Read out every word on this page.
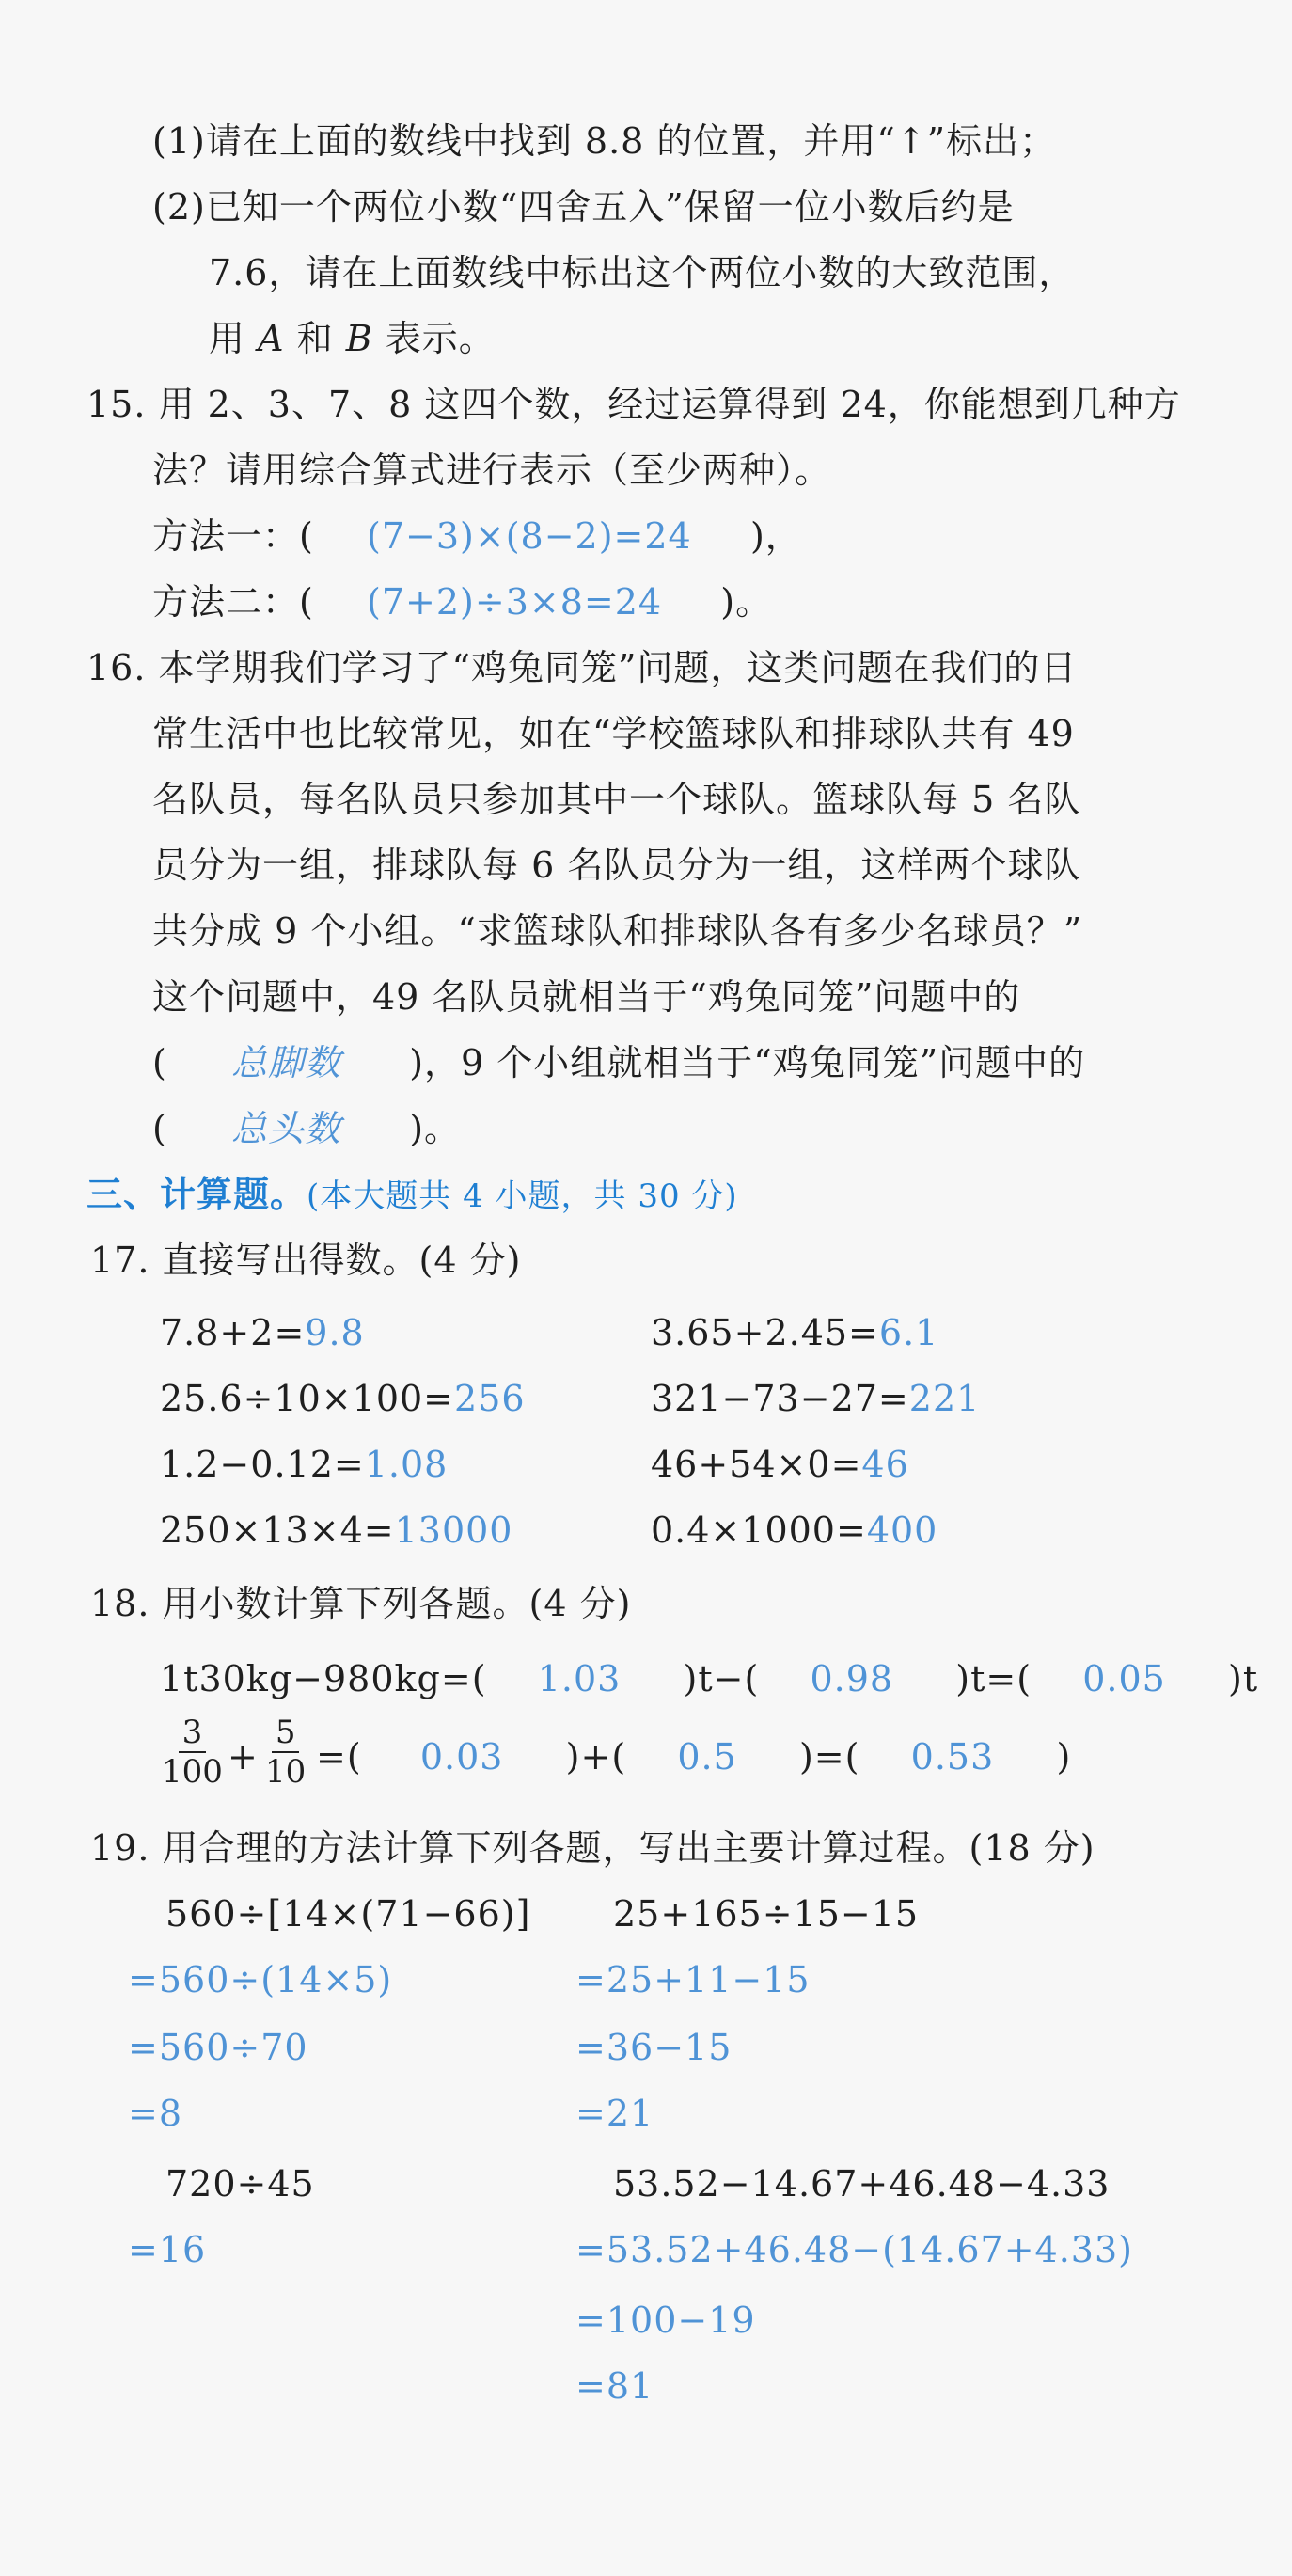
(1)请在上面的数线中找到 8.8 的位置，并用“↑”标出；
(2)已知一个两位小数“四舍五入”保留一位小数后约是
7.6，请在上面数线中标出这个两位小数的大致范围，
用 A 和 B 表示。
15. 用 2、3、7、8 这四个数，经过运算得到 24，你能想到几种方
法？请用综合算式进行表示（至少两种）。
方法一：( (7−3)×(8−2)=24 )，
方法二：( (7+2)÷3×8=24 )。
16. 本学期我们学习了“鸡兔同笼”问题，这类问题在我们的日
常生活中也比较常见，如在“学校篮球队和排球队共有 49
名队员，每名队员只参加其中一个球队。篮球队每 5 名队
员分为一组，排球队每 6 名队员分为一组，这样两个球队
共分成 9 个小组。“求篮球队和排球队各有多少名球员？”
这个问题中，49 名队员就相当于“鸡兔同笼”问题中的
( 总脚数 )，9 个小组就相当于“鸡兔同笼”问题中的
( 总头数 )。
三、计算题。(本大题共 4 小题，共 30 分)
17. 直接写出得数。(4 分)
7.8+2=9.8	3.65+2.45=6.1
25.6÷10×100=256	321−73−27=221
1.2−0.12=1.08	46+54×0=46
250×13×4=13000	0.4×1000=400
18. 用小数计算下列各题。(4 分)
1t30kg−980kg=( 1.03 )t−( 0.98 )t=( 0.05 )t
$\frac{3}{100} + \frac{5}{10}$ =( 0.03 )+( 0.5 )=( 0.53 )
19. 用合理的方法计算下列各题，写出主要计算过程。(18 分)
560÷[14×(71−66)]
=560÷(14×5)
=560÷70
=8
25+165÷15−15
=25+11−15
=36−15
=21
720÷45
=16
53.52−14.67+46.48−4.33
=53.52+46.48−(14.67+4.33)
=100−19
=81
